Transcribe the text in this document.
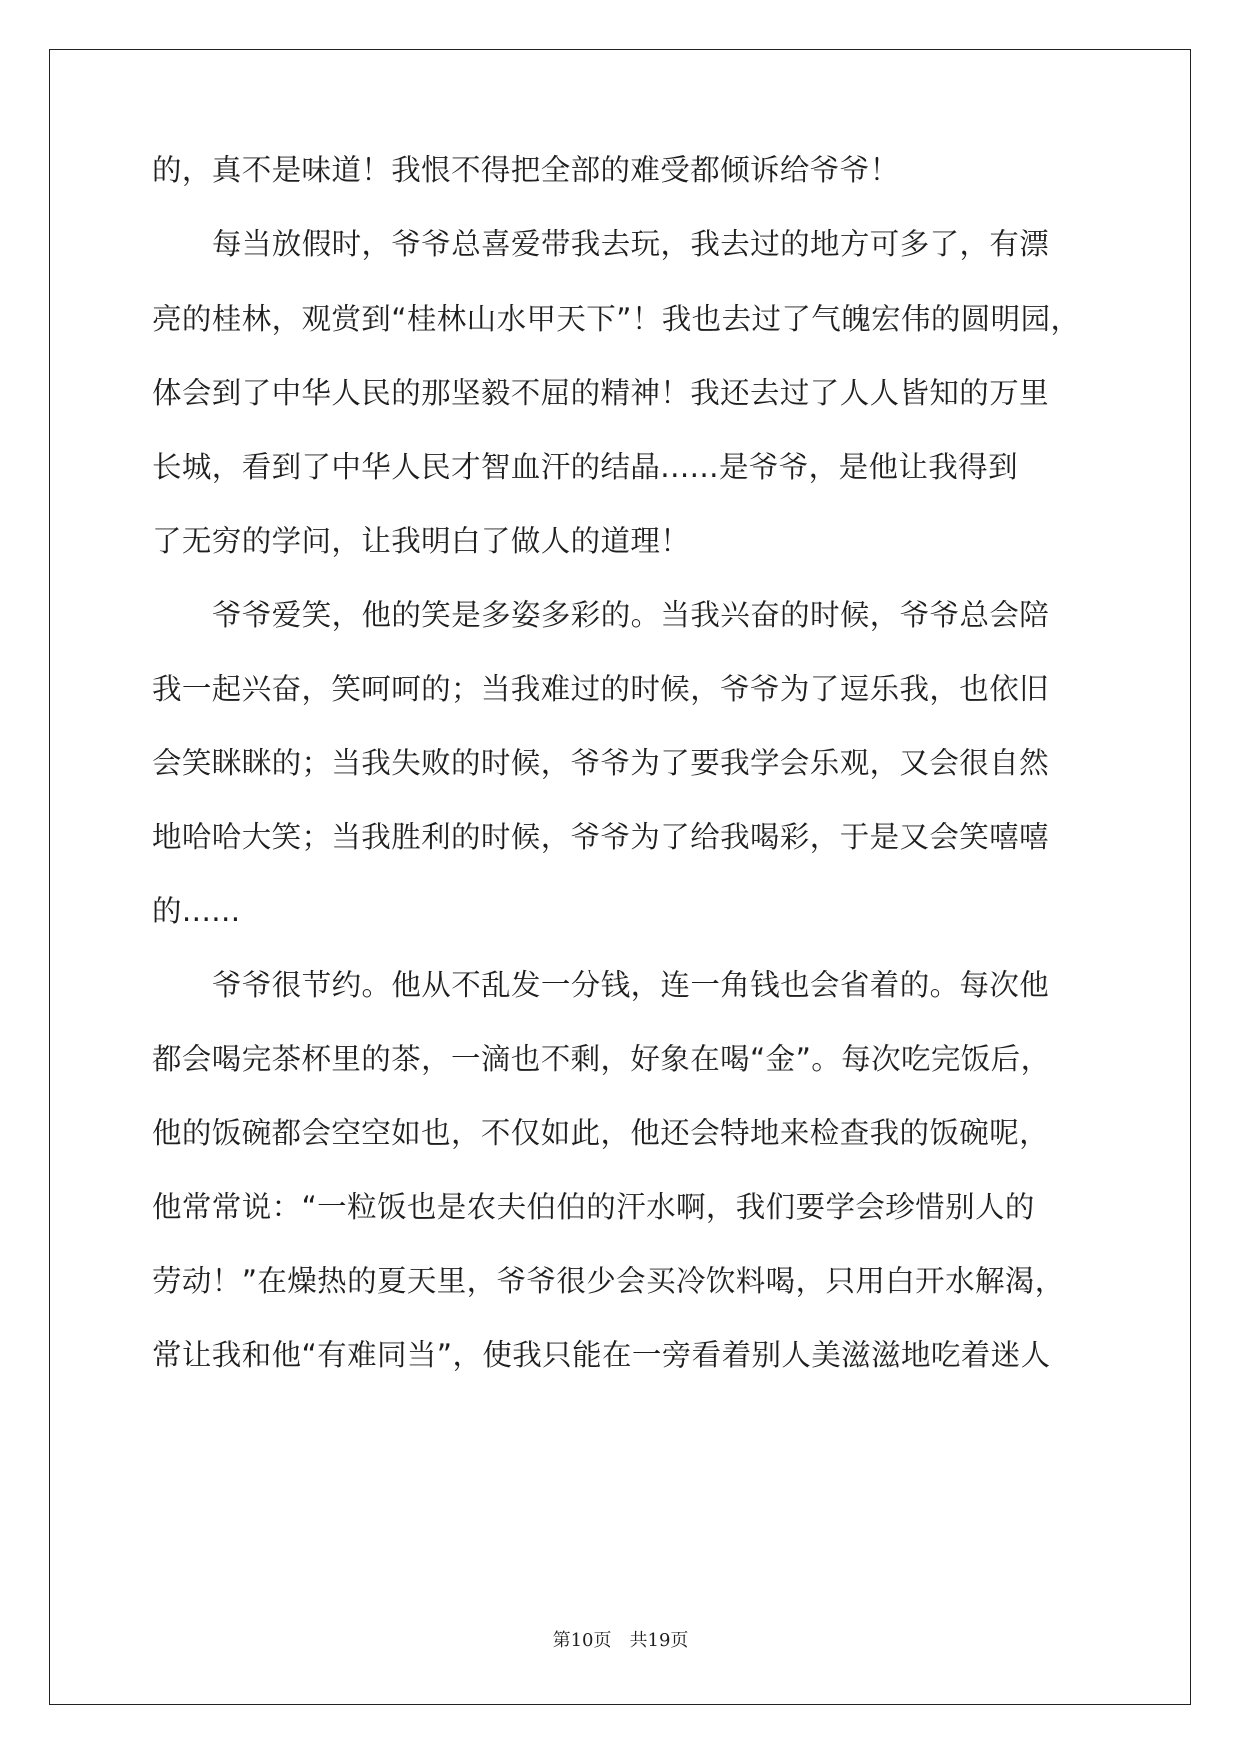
的，真不是味道！我恨不得把全部的难受都倾诉给爷爷！
每当放假时，爷爷总喜爱带我去玩，我去过的地方可多了，有漂
亮的桂林，观赏到“桂林山水甲天下”！我也去过了气魄宏伟的圆明园，
体会到了中华人民的那坚毅不屈的精神！我还去过了人人皆知的万里
长城，看到了中华人民才智血汗的结晶......是爷爷，是他让我得到
了无穷的学问，让我明白了做人的道理！
爷爷爱笑，他的笑是多姿多彩的。当我兴奋的时候，爷爷总会陪
我一起兴奋，笑呵呵的；当我难过的时候，爷爷为了逗乐我，也依旧
会笑眯眯的；当我失败的时候，爷爷为了要我学会乐观，又会很自然
地哈哈大笑；当我胜利的时候，爷爷为了给我喝彩，于是又会笑嘻嘻
的......
爷爷很节约。他从不乱发一分钱，连一角钱也会省着的。每次他
都会喝完茶杯里的茶，一滴也不剩，好象在喝“金”。每次吃完饭后，
他的饭碗都会空空如也，不仅如此，他还会特地来检查我的饭碗呢，
他常常说：“一粒饭也是农夫伯伯的汗水啊，我们要学会珍惜别人的
劳动！”在燥热的夏天里，爷爷很少会买冷饮料喝，只用白开水解渴，
常让我和他“有难同当”，使我只能在一旁看着别人美滋滋地吃着迷人
第10页　共19页
